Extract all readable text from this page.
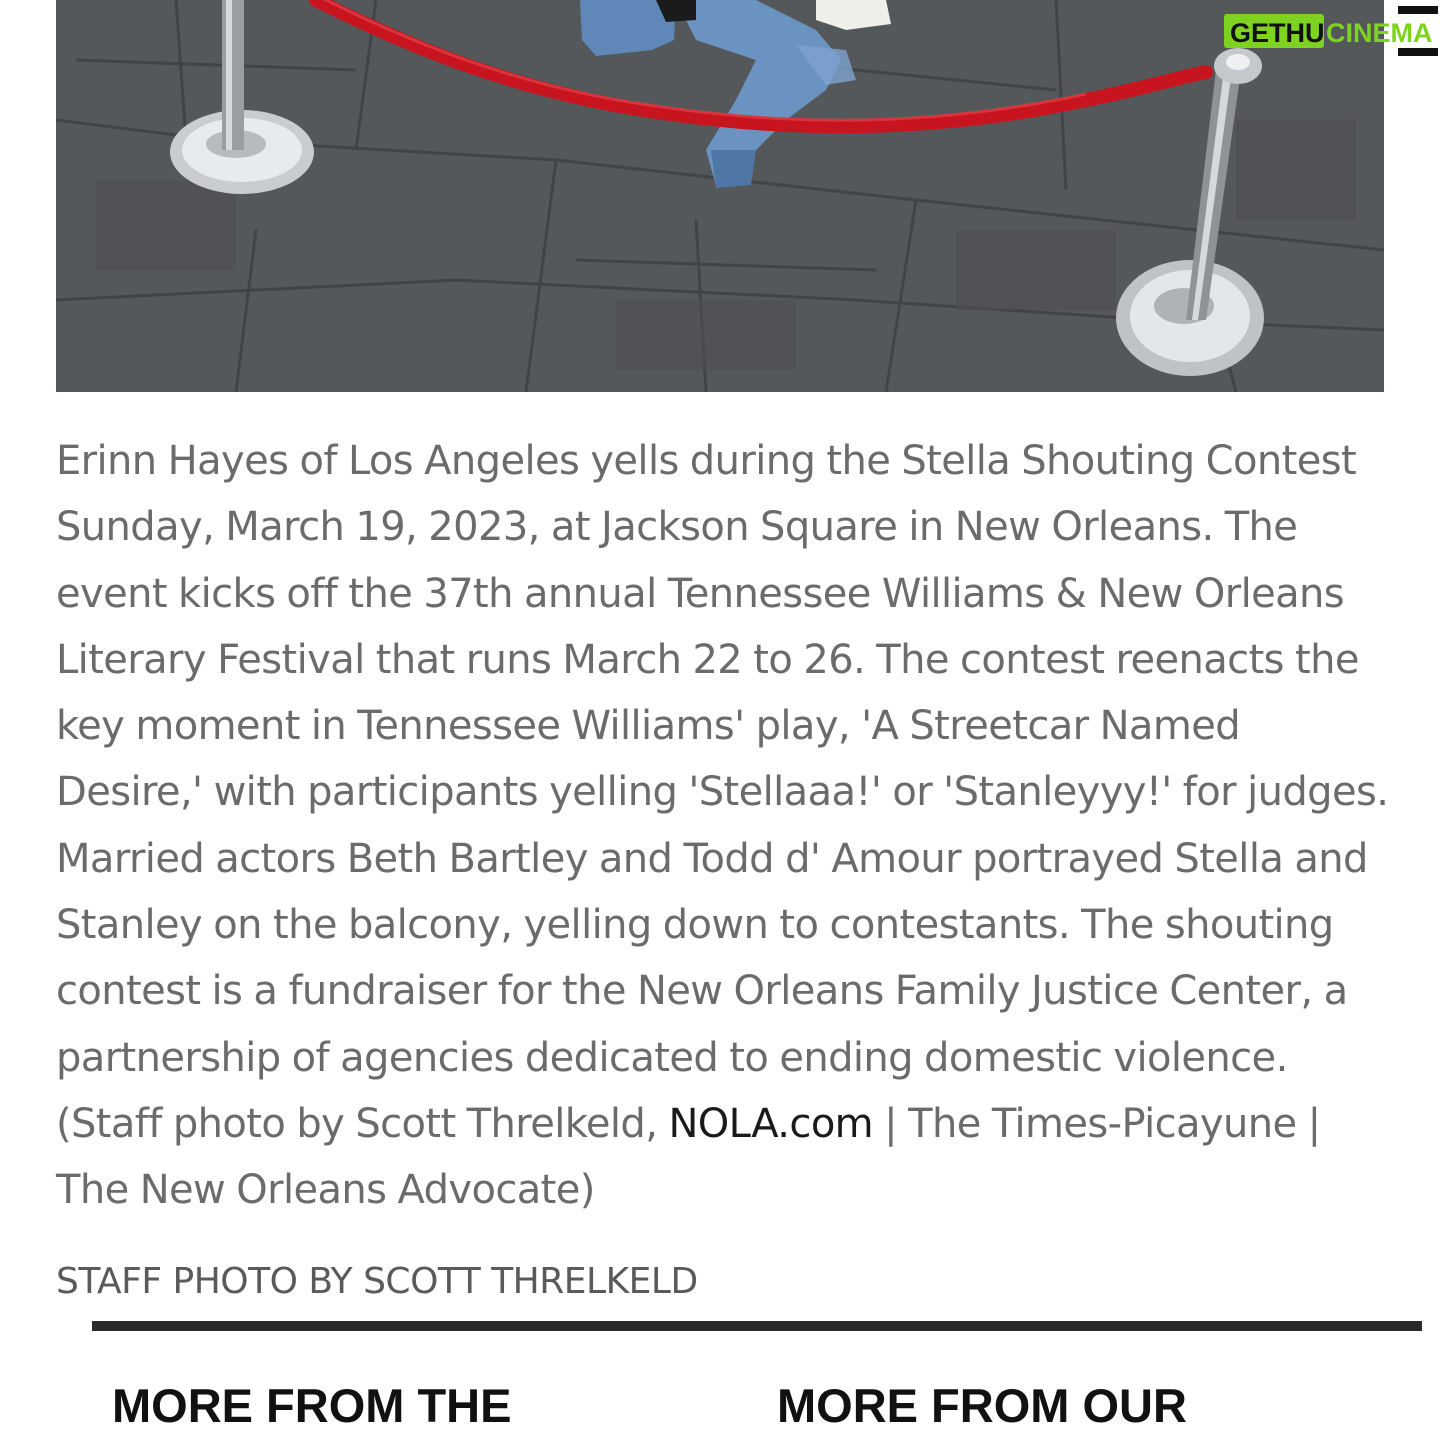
GETHU CINEMA

Erinn Hayes of Los Angeles yells during the Stella Shouting Contest Sunday, March 19, 2023, at Jackson Square in New Orleans. The event kicks off the 37th annual Tennessee Williams & New Orleans Literary Festival that runs March 22 to 26. The contest reenacts the key moment in Tennessee Williams' play, 'A Streetcar Named Desire,' with participants yelling 'Stellaaa!' or 'Stanleyyy!' for judges. Married actors Beth Bartley and Todd d' Amour portrayed Stella and Stanley on the balcony, yelling down to contestants. The shouting contest is a fundraiser for the New Orleans Family Justice Center, a partnership of agencies dedicated to ending domestic violence. (Staff photo by Scott Threlkeld, NOLA.com | The Times-Picayune | The New Orleans Advocate)

STAFF PHOTO BY SCOTT THRELKELD

MORE FROM THE	MORE FROM OUR
